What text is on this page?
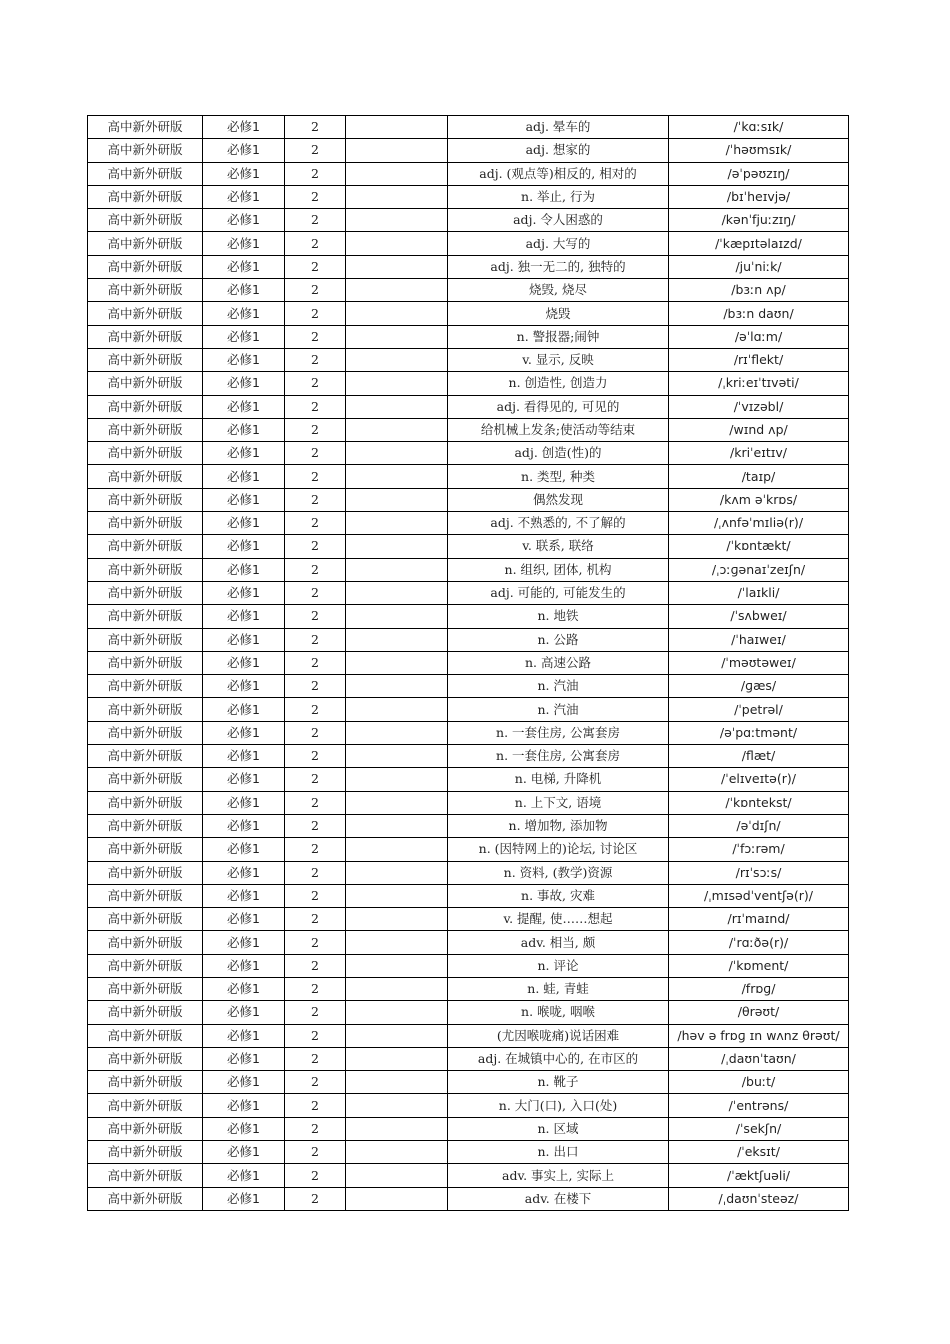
高中新外研版	必修1	2		adj. 晕车的	/ˈkɑːsɪk/
高中新外研版	必修1	2		adj. 想家的	/ˈhəʊmsɪk/
高中新外研版	必修1	2		adj. (观点等)相反的, 相对的	/əˈpəʊzɪŋ/
高中新外研版	必修1	2		n. 举止, 行为	/bɪˈheɪvjə/
高中新外研版	必修1	2		adj. 令人困惑的	/kənˈfjuːzɪŋ/
高中新外研版	必修1	2		adj. 大写的	/ˈkæpɪtəlaɪzd/
高中新外研版	必修1	2		adj. 独一无二的, 独特的	/juˈniːk/
高中新外研版	必修1	2		烧毁, 烧尽	/bɜːn ʌp/
高中新外研版	必修1	2		烧毁	/bɜːn daʊn/
高中新外研版	必修1	2		n. 警报器;闹钟	/əˈlɑːm/
高中新外研版	必修1	2		v. 显示, 反映	/rɪˈflekt/
高中新外研版	必修1	2		n. 创造性, 创造力	/ˌkriːeɪˈtɪvəti/
高中新外研版	必修1	2		adj. 看得见的, 可见的	/ˈvɪzəbl/
高中新外研版	必修1	2		给机械上发条;使活动等结束	/wɪnd ʌp/
高中新外研版	必修1	2		adj. 创造(性)的	/kriˈeɪtɪv/
高中新外研版	必修1	2		n. 类型, 种类	/taɪp/
高中新外研版	必修1	2		偶然发现	/kʌm əˈkrɒs/
高中新外研版	必修1	2		adj. 不熟悉的, 不了解的	/ˌʌnfəˈmɪliə(r)/
高中新外研版	必修1	2		v. 联系, 联络	/ˈkɒntækt/
高中新外研版	必修1	2		n. 组织, 团体, 机构	/ˌɔːɡənaɪˈzeɪʃn/
高中新外研版	必修1	2		adj. 可能的, 可能发生的	/ˈlaɪkli/
高中新外研版	必修1	2		n. 地铁	/ˈsʌbweɪ/
高中新外研版	必修1	2		n. 公路	/ˈhaɪweɪ/
高中新外研版	必修1	2		n. 高速公路	/ˈməʊtəweɪ/
高中新外研版	必修1	2		n. 汽油	/ɡæs/
高中新外研版	必修1	2		n. 汽油	/ˈpetrəl/
高中新外研版	必修1	2		n. 一套住房, 公寓套房	/əˈpɑːtmənt/
高中新外研版	必修1	2		n. 一套住房, 公寓套房	/flæt/
高中新外研版	必修1	2		n. 电梯, 升降机	/ˈelɪveɪtə(r)/
高中新外研版	必修1	2		n. 上下文, 语境	/ˈkɒntekst/
高中新外研版	必修1	2		n. 增加物, 添加物	/əˈdɪʃn/
高中新外研版	必修1	2		n. (因特网上的)论坛, 讨论区	/ˈfɔːrəm/
高中新外研版	必修1	2		n. 资料, (教学)资源	/rɪˈsɔːs/
高中新外研版	必修1	2		n. 事故, 灾难	/ˌmɪsədˈventʃə(r)/
高中新外研版	必修1	2		v. 提醒, 使……想起	/rɪˈmaɪnd/
高中新外研版	必修1	2		adv. 相当, 颇	/ˈrɑːðə(r)/
高中新外研版	必修1	2		n. 评论	/ˈkɒment/
高中新外研版	必修1	2		n. 蛙, 青蛙	/frɒɡ/
高中新外研版	必修1	2		n. 喉咙, 咽喉	/θrəʊt/
高中新外研版	必修1	2		(尤因喉咙痛)说话困难	/həv ə frɒɡ ɪn wʌnz θrəʊt/
高中新外研版	必修1	2		adj. 在城镇中心的, 在市区的	/ˌdaʊnˈtaʊn/
高中新外研版	必修1	2		n. 靴子	/buːt/
高中新外研版	必修1	2		n. 大门(口), 入口(处)	/ˈentrəns/
高中新外研版	必修1	2		n. 区域	/ˈsekʃn/
高中新外研版	必修1	2		n. 出口	/ˈeksɪt/
高中新外研版	必修1	2		adv. 事实上, 实际上	/ˈæktʃuəli/
高中新外研版	必修1	2		adv. 在楼下	/ˌdaʊnˈsteəz/
